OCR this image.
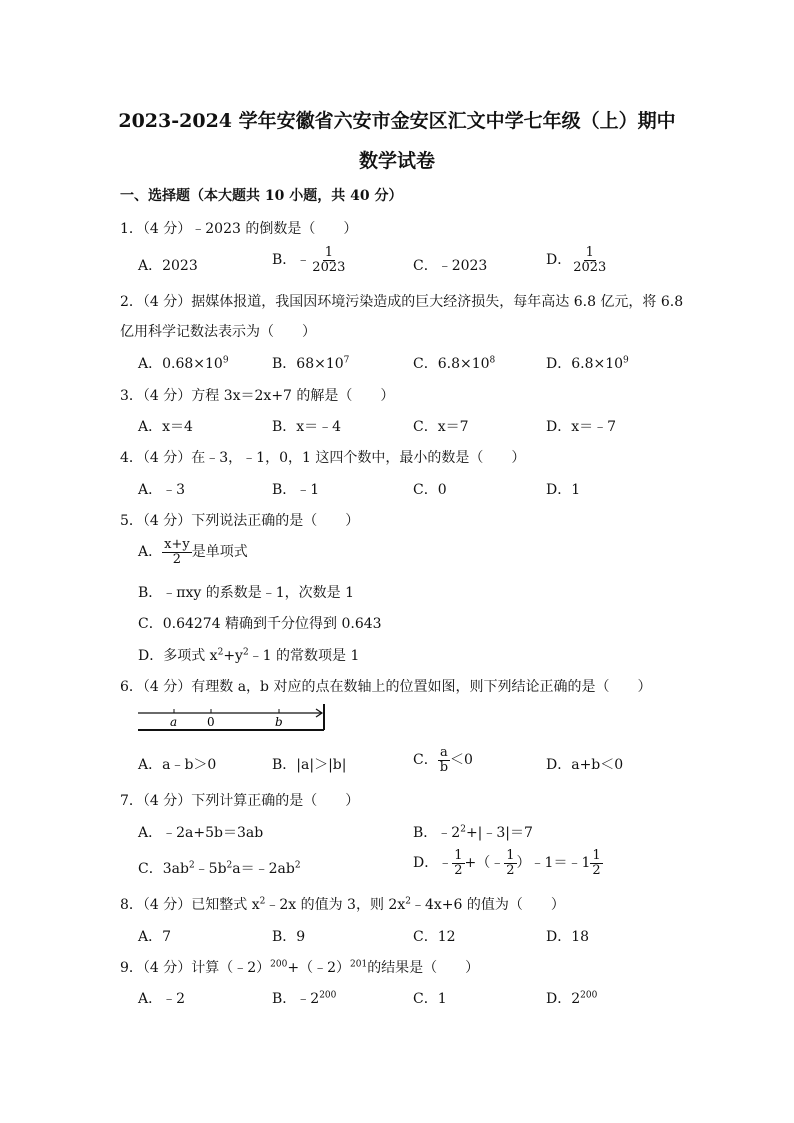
2023-2024 学年安徽省六安市金安区汇文中学七年级（上）期中
数学试卷
一、选择题（本大题共 10 小题，共 40 分）
1．（4 分）﹣2023 的倒数是（　　）
A．2023	B．﹣ $\frac{1}{2023}$	C．﹣2023	D． $\frac{1}{2023}$
2．（4 分）据媒体报道，我国因环境污染造成的巨大经济损失，每年高达 6.8 亿元，将 6.8
亿用科学记数法表示为（　　）
A．$0.68\times 10^9$	B．$68\times 10^7$	C．$6.8\times 10^8$	D．$6.8\times 10^9$
3．（4 分）方程 3x＝2x+7 的解是（　　）
A．x＝4	B．x＝﹣4	C．x＝7	D．x＝﹣7
4．（4 分）在﹣3，﹣1，0，1 这四个数中，最小的数是（　　）
A．﹣3	B．﹣1	C．0	D．1
5．（4 分）下列说法正确的是（　　）
A． $\frac{x+y}{2}$ 是单项式
B．﹣πxy 的系数是﹣1，次数是 1
C．0.64274 精确到千分位得到 0.643
D．多项式 $x^2+y^2﹣1$ 的常数项是 1
6．（4 分）有理数 a，b 对应的点在数轴上的位置如图，则下列结论正确的是（　　）
a 0	b
A．a﹣b＞0	B．|a|＞|b|	C． $\frac{a}{b} <0$	D．a+b＜0
7．（4 分）下列计算正确的是（　　）
A．﹣2a+5b＝3ab	B．$﹣2^2+|﹣3|=7$
C．$3ab^2﹣5b^2a=﹣2ab^2$	D．﹣ $\frac{1}{2}$ +（﹣ $\frac{1}{2}$ ）﹣1＝﹣1 $\frac{1}{2}$
8．（4 分）已知整式 $x^2﹣2x$ 的值为 3，则 $2x^2﹣4x+6$ 的值为（　　）
A．7	B．9	C．12	D．18
9．（4 分）计算（﹣2）$^{200}$+（﹣2）$^{201}$的结果是（　　）
A．﹣2	B．$﹣2^{200}$	C．1	D．$2^{200}$
